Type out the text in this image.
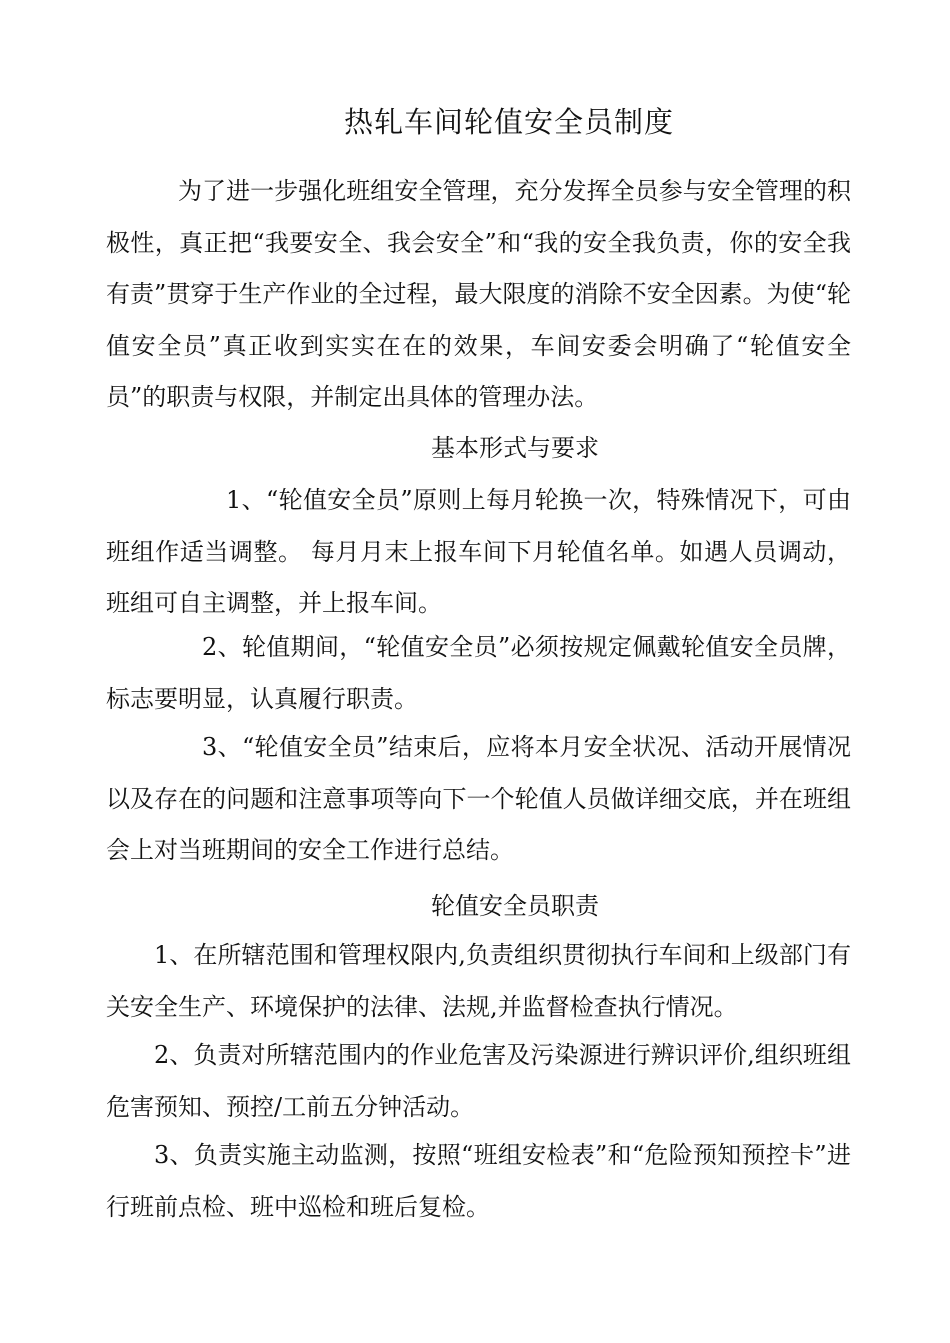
热轧车间轮值安全员制度

为了进一步强化班组安全管理，充分发挥全员参与安全管理的积极性，真正把“我要安全、我会安全”和“我的安全我负责，你的安全我有责”贯穿于生产作业的全过程，最大限度的消除不安全因素。为使“轮值安全员”真正收到实实在在的效果，车间安委会明确了“轮值安全员”的职责与权限，并制定出具体的管理办法。

基本形式与要求

1、“轮值安全员”原则上每月轮换一次，特殊情况下，可由班组作适当调整。 每月月末上报车间下月轮值名单。如遇人员调动，班组可自主调整，并上报车间。

2、轮值期间，“轮值安全员”必须按规定佩戴轮值安全员牌，标志要明显，认真履行职责。

3、“轮值安全员”结束后，应将本月安全状况、活动开展情况以及存在的问题和注意事项等向下一个轮值人员做详细交底，并在班组会上对当班期间的安全工作进行总结。

轮值安全员职责

1、在所辖范围和管理权限内,负责组织贯彻执行车间和上级部门有关安全生产、环境保护的法律、法规,并监督检查执行情况。

2、负责对所辖范围内的作业危害及污染源进行辨识评价,组织班组危害预知、预控/工前五分钟活动。

3、负责实施主动监测，按照“班组安检表”和“危险预知预控卡”进行班前点检、班中巡检和班后复检。
